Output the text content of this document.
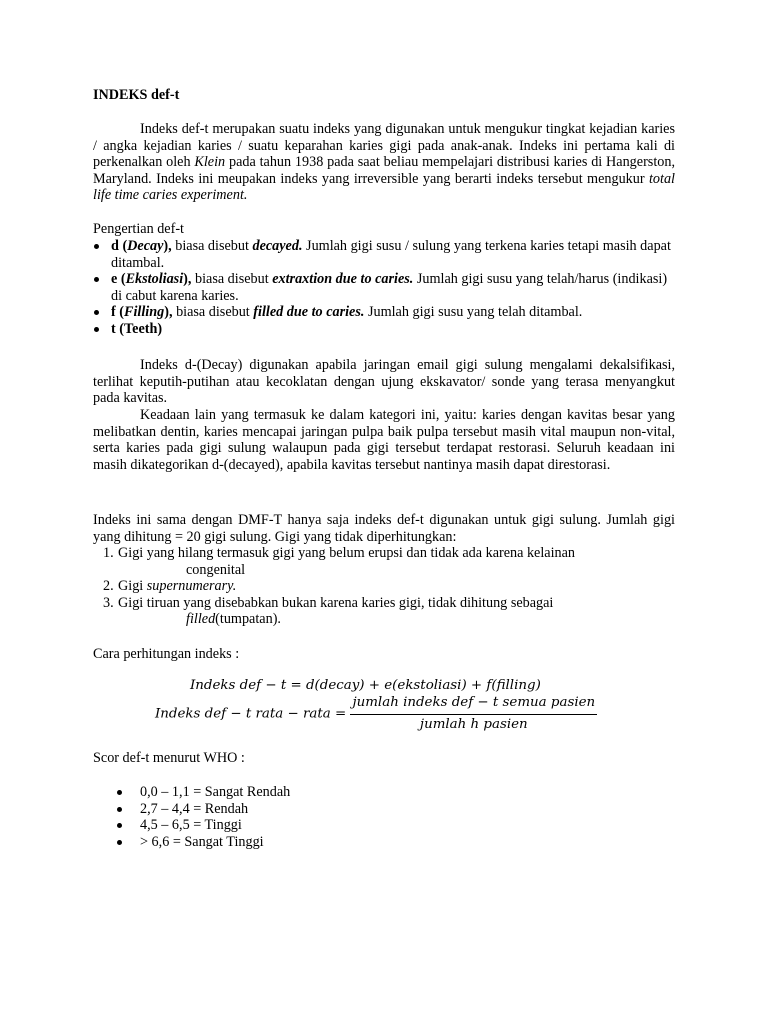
INDEKS def-t

Indeks def-t merupakan suatu indeks yang digunakan untuk mengukur tingkat kejadian karies / angka kejadian karies / suatu keparahan karies gigi pada anak-anak. Indeks ini pertama kali di perkenalkan oleh Klein pada tahun 1938 pada saat beliau mempelajari distribusi karies di Hangerston, Maryland. Indeks ini meupakan indeks yang irreversible yang berarti indeks tersebut mengukur total life time caries experiment.

Pengertian def-t
d (Decay), biasa disebut decayed. Jumlah gigi susu / sulung yang terkena karies tetapi masih dapat ditambal.
e (Ekstoliasi), biasa disebut extraxtion due to caries. Jumlah gigi susu yang telah/harus (indikasi) di cabut karena karies.
f (Filling), biasa disebut filled due to caries. Jumlah gigi susu yang telah ditambal.
t (Teeth)

Indeks d-(Decay) digunakan apabila jaringan email gigi sulung mengalami dekalsifikasi, terlihat keputih-putihan atau kecoklatan dengan ujung ekskavator/ sonde yang terasa menyangkut pada kavitas.

Keadaan lain yang termasuk ke dalam kategori ini, yaitu: karies dengan kavitas besar yang melibatkan dentin, karies mencapai jaringan pulpa baik pulpa tersebut masih vital maupun non-vital, serta karies pada gigi sulung walaupun pada gigi tersebut terdapat restorasi. Seluruh keadaan ini masih dikategorikan d-(decayed), apabila kavitas tersebut nantinya masih dapat direstorasi.

Indeks ini sama dengan DMF-T hanya saja indeks def-t digunakan untuk gigi sulung. Jumlah gigi yang dihitung = 20 gigi sulung. Gigi yang tidak diperhitungkan:

1. Gigi yang hilang termasuk gigi yang belum erupsi dan tidak ada karena kelainan
congenital
2. Gigi supernumerary.
3. Gigi tiruan yang disebabkan bukan karena karies gigi, tidak dihitung sebagai
filled(tumpatan).
Cara perhitungan indeks :
Indeks def − t = d(decay) + e(ekstoliasi) + f(filling)
Indeks def − t rata − rata = $\frac{\text{jumlah indeks def − t semua pasien}}{\text{jumlah h pasien}}$
Scor def-t menurut WHO :
0,0 – 1,1 = Sangat Rendah
2,7 – 4,4 = Rendah
4,5 – 6,5 = Tinggi
> 6,6 = Sangat Tinggi
